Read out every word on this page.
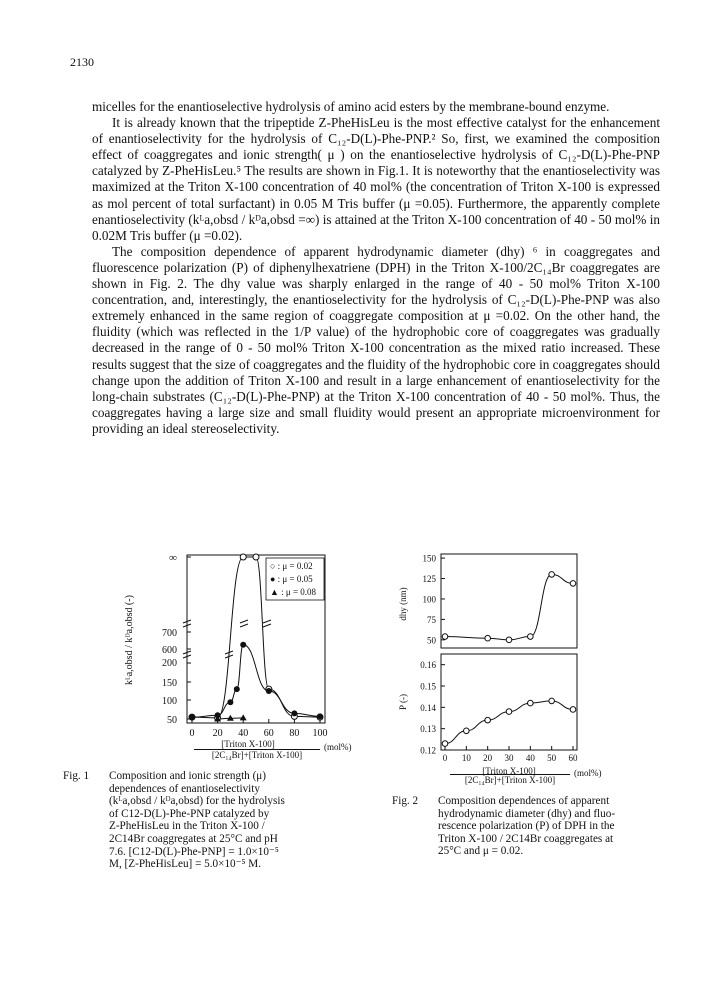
2130

micelles for the enantioselective hydrolysis of amino acid esters by the membrane-bound enzyme.

It is already known that the tripeptide Z-PheHisLeu is the most effective catalyst for the enhancement of enantioselectivity for the hydrolysis of C₁₂-D(L)-Phe-PNP.² So, first, we examined the composition effect of coaggregates and ionic strength( μ ) on the enantioselective hydrolysis of C₁₂-D(L)-Phe-PNP catalyzed by Z-PheHisLeu.⁵ The results are shown in Fig.1. It is noteworthy that the enantioselectivity was maximized at the Triton X-100 concentration of 40 mol% (the concentration of Triton X-100 is expressed as mol percent of total surfactant) in 0.05 M Tris buffer (μ =0.05). Furthermore, the apparently complete enantioselectivity (kᴸa,obsd / kᴰa,obsd =∞) is attained at the Triton X-100 concentration of 40 - 50 mol% in 0.02M Tris buffer (μ =0.02).

The composition dependence of apparent hydrodynamic diameter (dhy) ⁶ in coaggregates and fluorescence polarization (P) of diphenylhexatriene (DPH) in the Triton X-100/2C₁₄Br coaggregates are shown in Fig. 2. The dhy value was sharply enlarged in the range of 40 - 50 mol% Triton X-100 concentration, and, interestingly, the enantioselectivity for the hydrolysis of C₁₂-D(L)-Phe-PNP was also extremely enhanced in the same region of coaggregate composition at μ =0.02. On the other hand, the fluidity (which was reflected in the 1/P value) of the hydrophobic core of coaggregates was gradually decreased in the range of 0 - 50 mol% Triton X-100 concentration as the mixed ratio increased. These results suggest that the size of coaggregates and the fluidity of the hydrophobic core in coaggregates should change upon the addition of Triton X-100 and result in a large enhancement of enantioselectivity for the long-chain substrates (C₁₂-D(L)-Phe-PNP) at the Triton X-100 concentration of 40 - 50 mol%. Thus, the coaggregates having a large size and small fluidity would present an appropriate microenvironment for providing an ideal stereoselectivity.

kᴸa,obsd / kᴰa,obsd (-)
∞
700
600
200
150
100
50
0 20 40 60 80 100
○ : μ = 0.02
● : μ = 0.05
▲ : μ = 0.08
[Triton X-100]
[2C₁₄Br]+[Triton X-100]
(mol%)
Fig. 1 Composition and ionic strength (μ)
dependences of enantioselectivity
(kᴸa,obsd / kᴰa,obsd) for the hydrolysis
of C12-D(L)-Phe-PNP catalyzed by
Z-PheHisLeu in the Triton X-100 /
2C14Br coaggregates at 25°C and pH
7.6. [C12-D(L)-Phe-PNP] = 1.0×10⁻⁵
M, [Z-PheHisLeu] = 5.0×10⁻⁵ M.
dhy (nm)
P (-)
150
125
100
75
50
0.16
0.15
0.14
0.13
0.12
0 10 20 30 40 50 60
[Triton X-100]
[2C₁₄Br]+[Triton X-100]
(mol%)
Fig. 2 Composition dependences of apparent
hydrodynamic diameter (dhy) and fluo-
rescence polarization (P) of DPH in the
Triton X-100 / 2C14Br coaggregates at
25°C and μ = 0.02.
